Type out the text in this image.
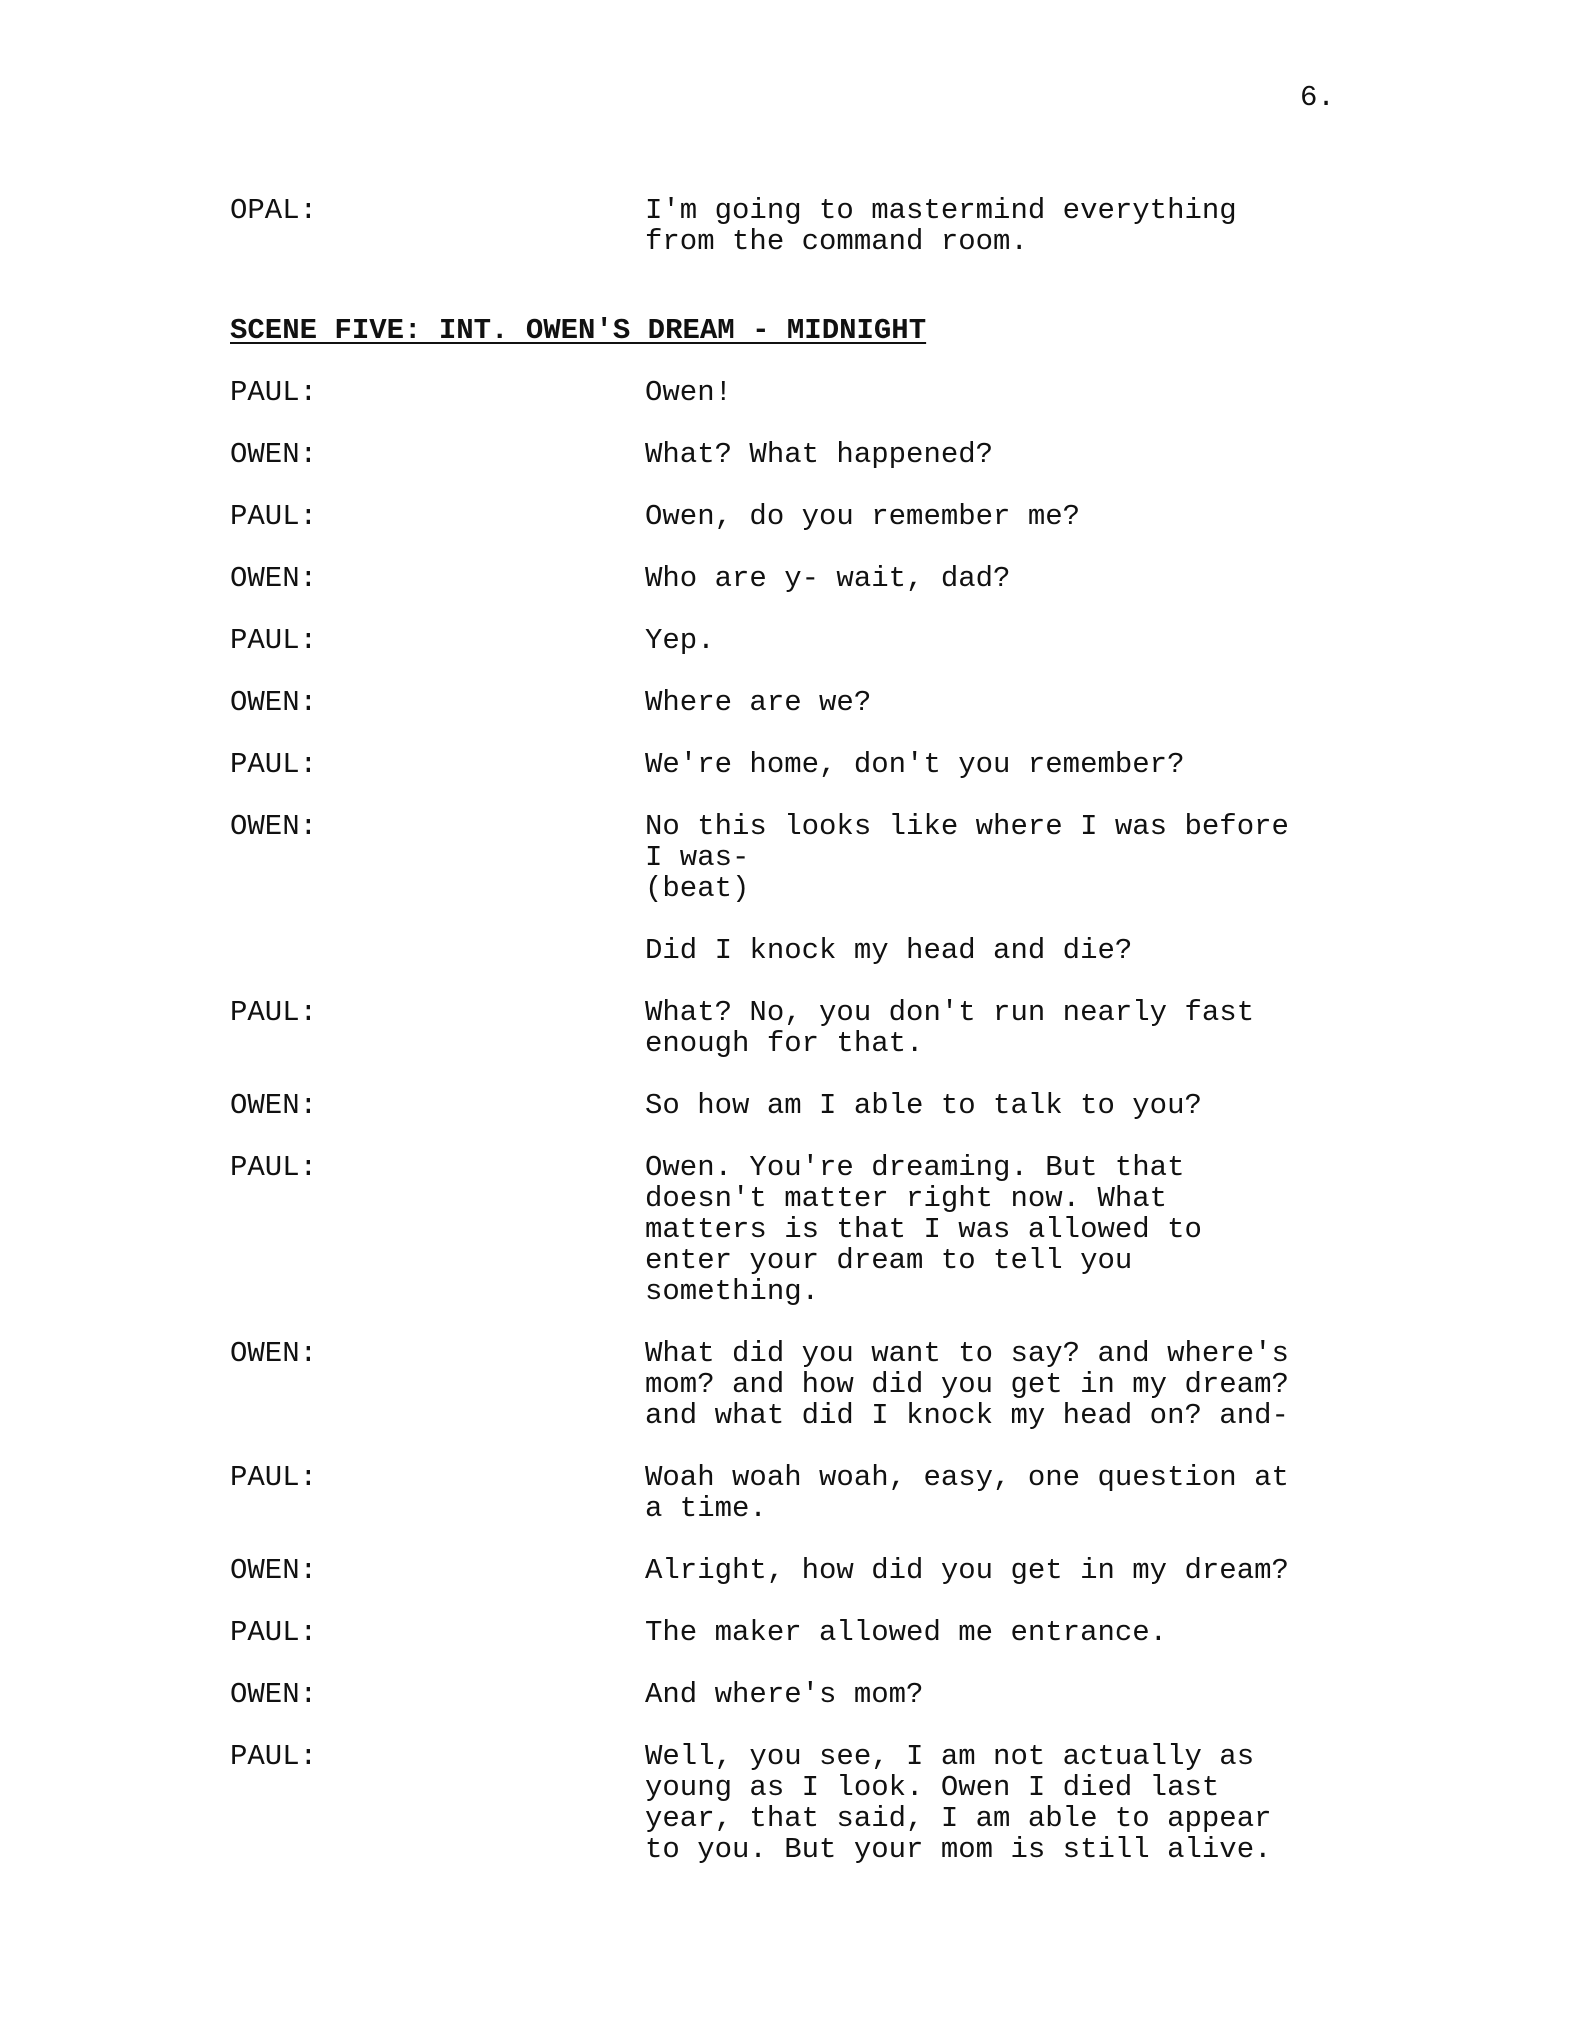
6.
OPAL:	I'm going to mastermind everything
from the command room.
SCENE FIVE: INT. OWEN'S DREAM - MIDNIGHT
PAUL:	Owen!
OWEN:	What? What happened?
PAUL:	Owen, do you remember me?
OWEN:	Who are y- wait, dad?
PAUL:	Yep.
OWEN:	Where are we?
PAUL:	We're home, don't you remember?
OWEN:	No this looks like where I was before
I was-
(beat)
Did I knock my head and die?
PAUL:	What? No, you don't run nearly fast
enough for that.
OWEN:	So how am I able to talk to you?
PAUL:	Owen. You're dreaming. But that
doesn't matter right now. What
matters is that I was allowed to
enter your dream to tell you
something.
OWEN:	What did you want to say? and where's
mom? and how did you get in my dream?
and what did I knock my head on? and-
PAUL:	Woah woah woah, easy, one question at
a time.
OWEN:	Alright, how did you get in my dream?
PAUL:	The maker allowed me entrance.
OWEN:	And where's mom?
PAUL:	Well, you see, I am not actually as
young as I look. Owen I died last
year, that said, I am able to appear
to you. But your mom is still alive.
